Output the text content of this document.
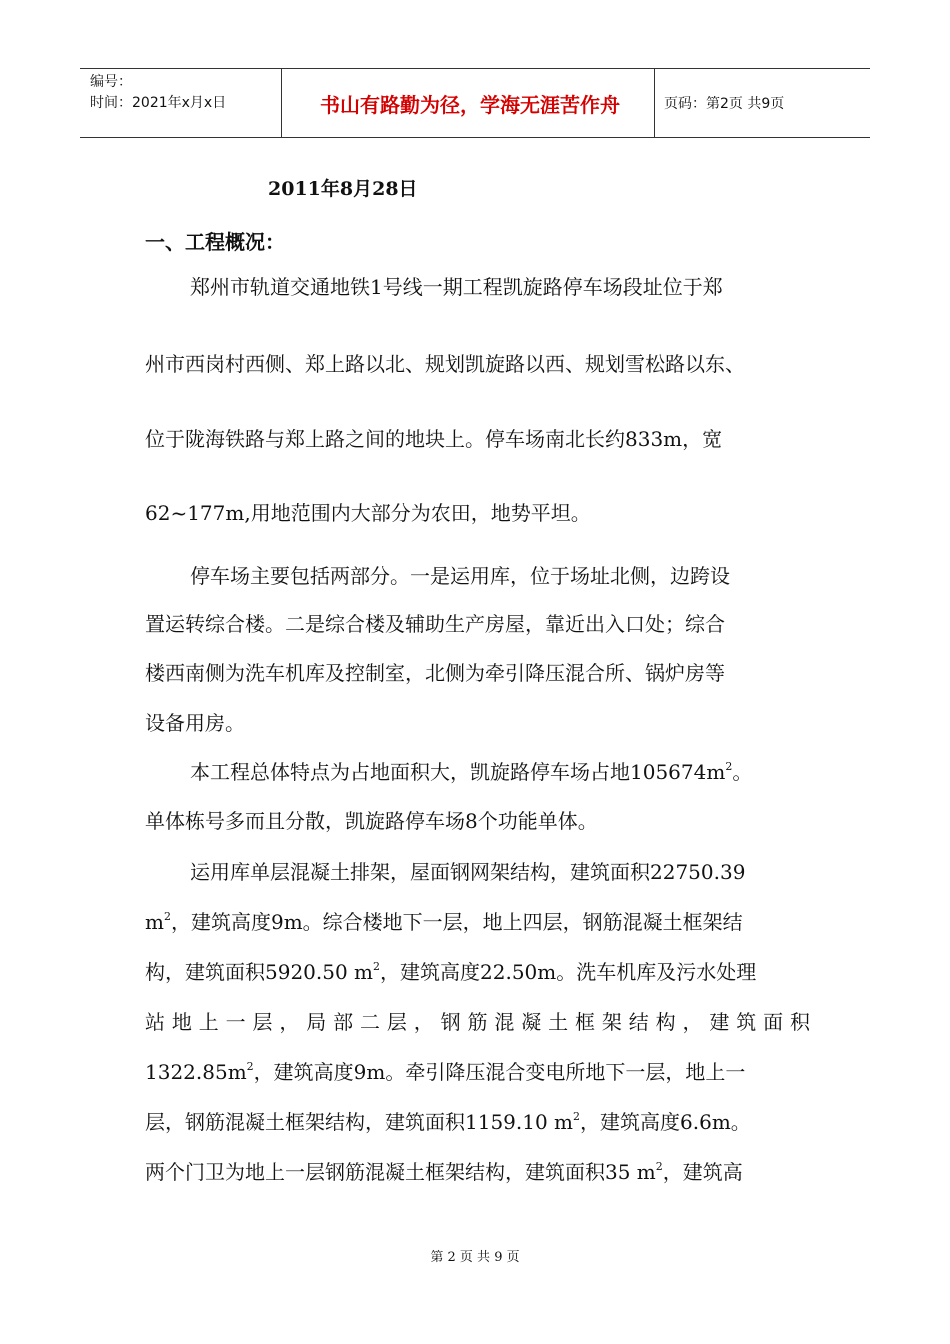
编号：
时间：2021年x月x日	书山有路勤为径，学海无涯苦作舟	页码：第2页 共9页
2011年8月28日
一、工程概况：
郑州市轨道交通地铁1号线一期工程凯旋路停车场段址位于郑
州市西岗村西侧、郑上路以北、规划凯旋路以西、规划雪松路以东、
位于陇海铁路与郑上路之间的地块上。停车场南北长约833m，宽
62~177m,用地范围内大部分为农田，地势平坦。
停车场主要包括两部分。一是运用库，位于场址北侧，边跨设
置运转综合楼。二是综合楼及辅助生产房屋，靠近出入口处；综合
楼西南侧为洗车机库及控制室，北侧为牵引降压混合所、锅炉房等
设备用房。
本工程总体特点为占地面积大，凯旋路停车场占地$105674m^2$。
单体栋号多而且分散，凯旋路停车场8个功能单体。
运用库单层混凝土排架，屋面钢网架结构，建筑面积22750.39
$m^2$，建筑高度9m。综合楼地下一层，地上四层，钢筋混凝土框架结
构，建筑面积5920.50 $m^2$，建筑高度22.50m。洗车机库及污水处理
站地上一层，局部二层，钢筋混凝土框架结构，建筑面积
$1322.85m^2$，建筑高度9m。牵引降压混合变电所地下一层，地上一
层，钢筋混凝土框架结构，建筑面积1159.10 $m^2$，建筑高度6.6m。
两个门卫为地上一层钢筋混凝土框架结构，建筑面积35 $m^2$，建筑高
第 2 页 共 9 页
